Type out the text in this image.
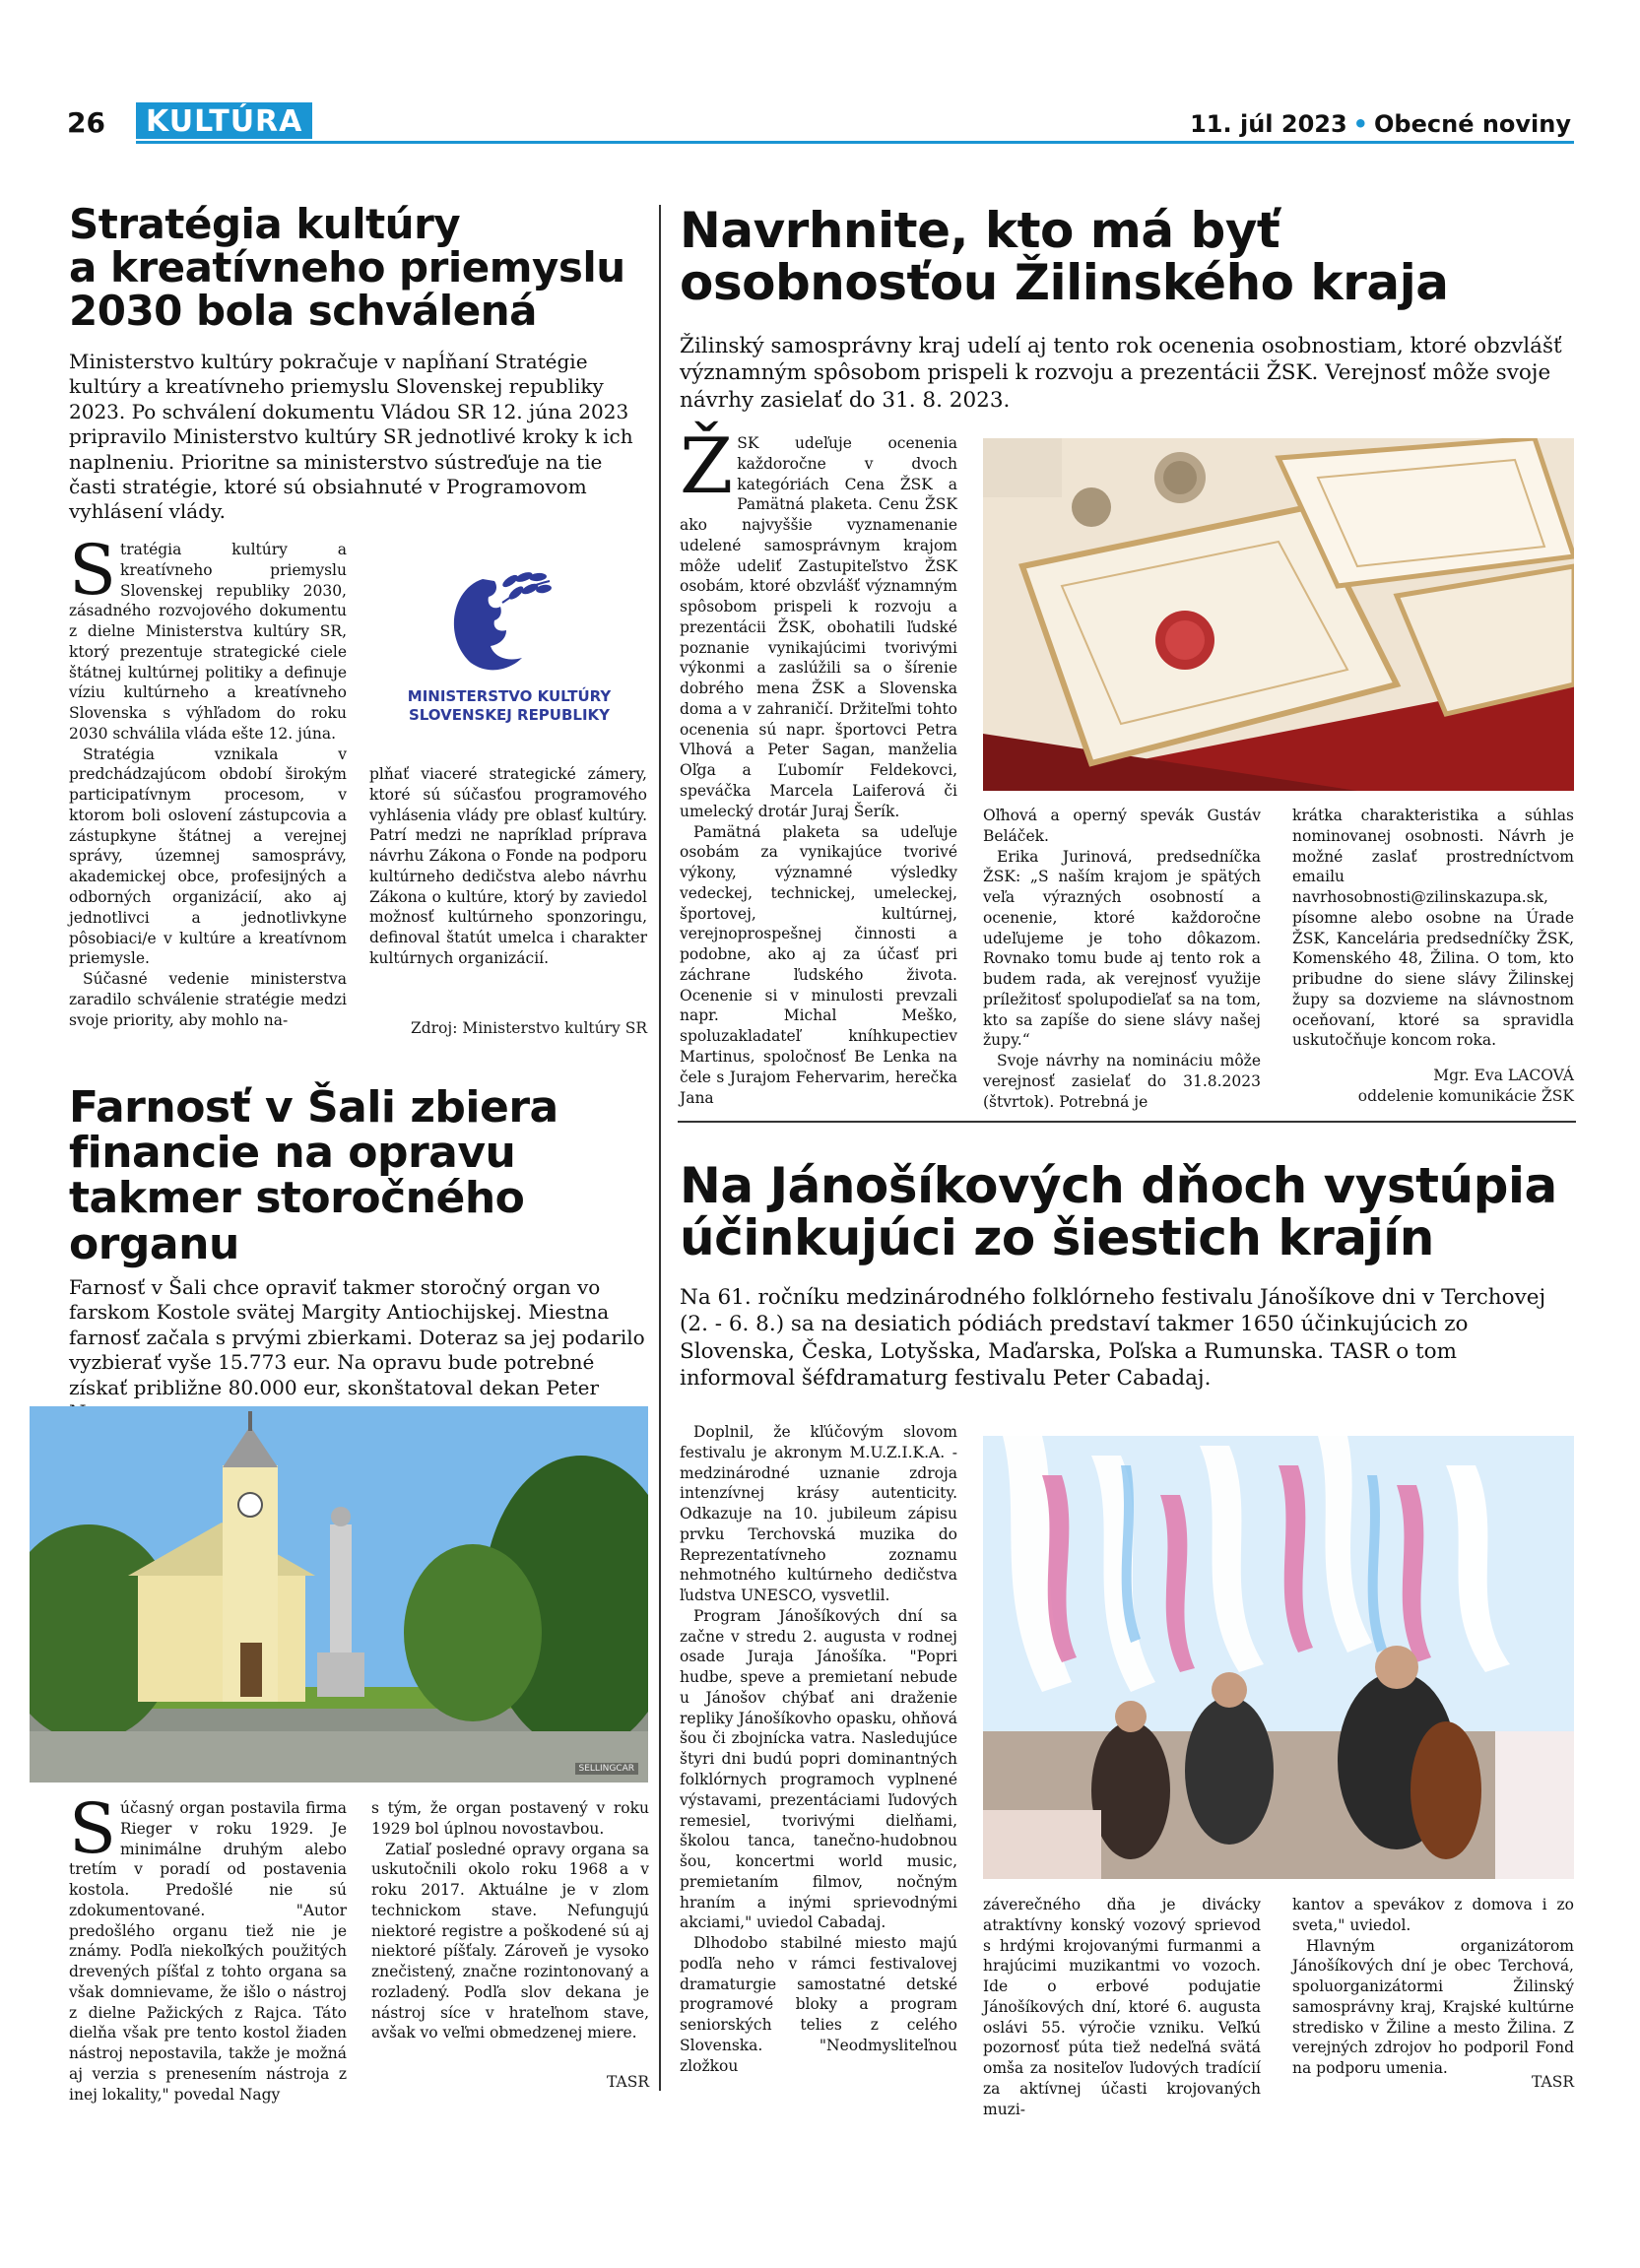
26	KULTÚRA	11. júl 2023 • Obecné noviny
Stratégia kultúry
a kreatívneho priemyslu
2030 bola schválená
Ministerstvo kultúry pokračuje v napĺňaní Stratégie kultúry a kreatívneho priemyslu Slovenskej republiky 2023. Po schválení dokumentu Vládou SR 12. júna 2023 pripravilo Ministerstvo kultúry SR jednotlivé kroky k ich naplneniu. Prioritne sa ministerstvo sústreďuje na tie časti stratégie, ktoré sú obsiahnuté v Programovom vyhlásení vlády.

Stratégia kultúry a kreatívneho priemyslu Slovenskej republiky 2030, zásadného rozvojového dokumentu z dielne Ministerstva kultúry SR, ktorý prezentuje strategické ciele štátnej kultúrnej politiky a definuje víziu kultúrneho a kreatívneho Slovenska s výhľadom do roku 2030 schválila vláda ešte 12. júna.

Stratégia vznikala v predchádzajúcom období širokým participatívnym procesom, v ktorom boli oslovení zástupcovia a zástupkyne štátnej a verejnej správy, územnej samosprávy, akademickej obce, profesijných a odborných organizácií, ako aj jednotlivci a jednotlivkyne pôsobiaci/e v kultúre a kreatívnom priemysle.

Súčasné vedenie ministerstva zaradilo schválenie stratégie medzi svoje priority, aby mohlo na-

MINISTERSTVO KULTÚRY
SLOVENSKEJ REPUBLIKY

plňať viaceré strategické zámery, ktoré sú súčasťou programového vyhlásenia vlády pre oblasť kultúry. Patrí medzi ne napríklad príprava návrhu Zákona o Fonde na podporu kultúrneho dedičstva alebo návrhu Zákona o kultúre, ktorý by zaviedol možnosť kultúrneho sponzoringu, definoval štatút umelca i charakter kultúrnych organizácií.

Zdroj: Ministerstvo kultúry SR
Navrhnite, kto má byť
osobnosťou Žilinského kraja
Žilinský samosprávny kraj udelí aj tento rok ocenenia osobnostiam, ktoré obzvlášť významným spôsobom prispeli k rozvoju a prezentácii ŽSK. Verejnosť môže svoje návrhy zasielať do 31. 8. 2023.

ŽSK udeľuje ocenenia každoročne v dvoch kategóriách Cena ŽSK a Pamätná plaketa. Cenu ŽSK ako najvyššie vyznamenanie udelené samosprávnym krajom môže udeliť Zastupiteľstvo ŽSK osobám, ktoré obzvlášť významným spôsobom prispeli k rozvoju a prezentácii ŽSK, obohatili ľudské poznanie vynikajúcimi tvorivými výkonmi a zaslúžili sa o šírenie dobrého mena ŽSK a Slovenska doma a v zahraničí. Držiteľmi tohto ocenenia sú napr. športovci Petra Vlhová a Peter Sagan, manželia Oľga a Ľubomír Feldekovci, speváčka Marcela Laiferová či umelecký drotár Juraj Šerík.

Pamätná plaketa sa udeľuje osobám za vynikajúce tvorivé výkony, významné výsledky vedeckej, technickej, umeleckej, športovej, kultúrnej, verejnoprospešnej činnosti a podobne, ako aj za účasť pri záchrane ľudského života. Ocenenie si v minulosti prevzali napr. Michal Meško, spoluzakladateľ kníhkupectiev Martinus, spoločnosť Be Lenka na čele s Jurajom Fehervarim, herečka Jana

Oľhová a operný spevák Gustáv Beláček.

Erika Jurinová, predsedníčka ŽSK: „S naším krajom je spätých veľa výrazných osobností a ocenenie, ktoré každoročne udeľujeme je toho dôkazom. Rovnako tomu bude aj tento rok a budem rada, ak verejnosť využije príležitosť spolupodieľať sa na tom, kto sa zapíše do siene slávy našej župy.“

Svoje návrhy na nomináciu môže verejnosť zasielať do 31.8.2023 (štvrtok). Potrebná je

krátka charakteristika a súhlas nominovanej osobnosti. Návrh je možné zaslať prostredníctvom emailu navrhosobnosti@zilinskazupa.sk, písomne alebo osobne na Úrade ŽSK, Kancelária predsedníčky ŽSK, Komenského 48, Žilina. O tom, kto pribudne do siene slávy Žilinskej župy sa dozvieme na slávnostnom oceňovaní, ktoré sa spravidla uskutočňuje koncom roka.

Mgr. Eva LACOVÁ
oddelenie komunikácie ŽSK
Farnosť v Šali zbiera
financie na opravu
takmer storočného
organu
Farnosť v Šali chce opraviť takmer storočný organ vo farskom Kostole svätej Margity Antiochijskej. Miestna farnosť začala s prvými zbierkami. Doteraz sa jej podarilo vyzbierať vyše 15.773 eur. Na opravu bude potrebné získať približne 80.000 eur, skonštatoval dekan Peter
SELLINGCAR

Súčasný organ postavila firma Rieger v roku 1929. Je minimálne druhým alebo tretím v poradí od postavenia kostola. Predošlé nie sú zdokumentované. "Autor predošlého organu tiež nie je známy. Podľa niekoľkých použitých drevených píšťal z tohto organa sa však domnievame, že išlo o nástroj z dielne Pažických z Rajca. Táto dielňa však pre tento kostol žiaden nástroj nepostavila, takže je možná aj verzia s prenesením nástroja z inej lokality," povedal Nagy

s tým, že organ postavený v roku 1929 bol úplnou novostavbou.

Zatiaľ posledné opravy organa sa uskutočnili okolo roku 1968 a v roku 2017. Aktuálne je v zlom technickom stave. Nefungujú niektoré registre a poškodené sú aj niektoré píšťaly. Zároveň je vysoko znečistený, značne rozintonovaný a rozladený. Podľa slov dekana je nástroj síce v hrateľnom stave, avšak vo veľmi obmedzenej miere.

TASR
Na Jánošíkových dňoch vystúpia
účinkujúci zo šiestich krajín
Na 61. ročníku medzinárodného folklórneho festivalu Jánošíkove dni v Terchovej (2. - 6. 8.) sa na desiatich pódiách predstaví takmer 1650 účinkujúcich zo Slovenska, Česka, Lotyšska, Maďarska, Poľska a Rumunska. TASR o tom informoval šéfdramaturg festivalu Peter Cabadaj.

Doplnil, že kľúčovým slovom festivalu je akronym M.U.Z.I.K.A. - medzinárodné uznanie zdroja intenzívnej krásy autenticity. Odkazuje na 10. jubileum zápisu prvku Terchovská muzika do Reprezentatívneho zoznamu nehmotného kultúrneho dedičstva ľudstva UNESCO, vysvetlil.

Program Jánošíkových dní sa začne v stredu 2. augusta v rodnej osade Juraja Jánošíka. "Popri hudbe, speve a premietaní nebude u Jánošov chýbať ani draženie repliky Jánošíkovho opasku, ohňová šou či zbojnícka vatra. Nasledujúce štyri dni budú popri dominantných folklórnych programoch vyplnené výstavami, prezentáciami ľudových remesiel, tvorivými dielňami, školou tanca, tanečno-hudobnou šou, koncertmi world music, premietaním filmov, nočným hraním a inými sprievodnými akciami," uviedol Cabadaj.

Dlhodobo stabilné miesto majú podľa neho v rámci festivalovej dramaturgie samostatné detské programové bloky a program seniorských telies z celého Slovenska. "Neodmysliteľnou zložkou

záverečného dňa je divácky atraktívny konský vozový sprievod s hrdými krojovanými furmanmi a hrajúcimi muzikantmi vo vozoch. Ide o erbové podujatie Jánošíkových dní, ktoré 6. augusta oslávi 55. výročie vzniku. Veľkú pozornosť púta tiež nedeľná svätá omša za nositeľov ľudových tradícií za aktívnej účasti krojovaných muzi-

kantov a spevákov z domova i zo sveta," uviedol.

Hlavným organizátorom Jánošíkových dní je obec Terchová, spoluorganizátormi Žilinský samosprávny kraj, Krajské kultúrne stredisko v Žiline a mesto Žilina. Z verejných zdrojov ho podporil Fond na podporu umenia.

TASR
